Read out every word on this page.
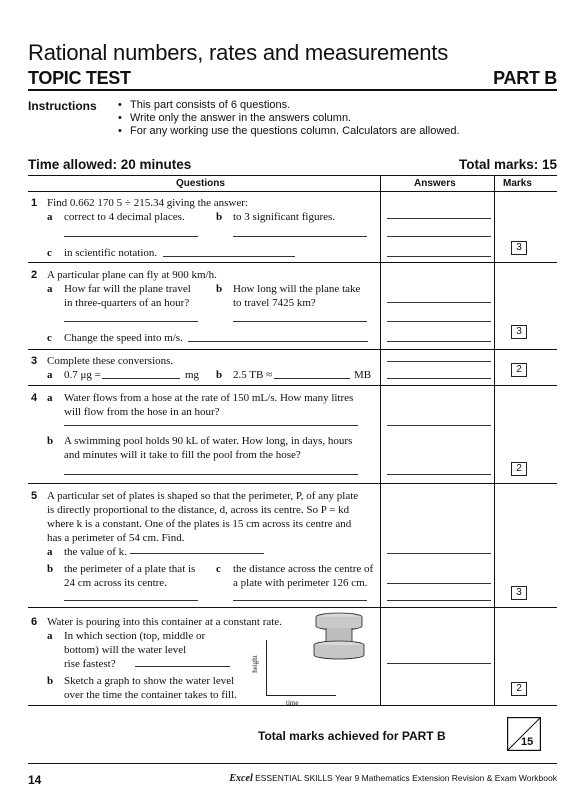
Rational numbers, rates and measurements
TOPIC TEST	PART B
Instructions
•	This part consists of 6 questions.
• Write only the answer in the answers column.
• For any working use the questions column. Calculators are allowed.
Time allowed: 20 minutes	Total marks: 15
Questions	Answers	Marks
1 Find 0.662 170 5 ÷ 215.34 giving the answer:
a correct to 4 decimal places.	b to 3 significant figures.
c in scientific notation.	3
2 A particular plane can fly at 900 km/h.
a How far will the plane travel

in three-quarters of an hour?
b How long will the plane take

to travel 7425 km?
c Change the speed into m/s.
3
3 Complete these conversions.
a 0.7 μg =	mg b 2.5 TB ≈	MB	2
4 a Water flows from a hose at the rate of 150 mL/s. How many litres

will flow from the hose in an hour?
b A swimming pool holds 90 kL of water. How long, in days, hours

and minutes will it take to fill the pool from the hose?
2
5 A particular set of plates is shaped so that the perimeter, P, of any plate

is directly proportional to the distance, d, across its centre. So P = kd

where k is a constant. One of the plates is 15 cm across its centre and

has a perimeter of 54 cm. Find.
a the value of k.
b the perimeter of a plate that is

24 cm across its centre.
c the distance across the centre of

a plate with perimeter 126 cm.
3
6 Water is pouring into this container at a constant rate.
a In which section (top, middle or

bottom) will the water level

rise fastest?
b Sketch a graph to show the water level

over the time the container takes to fill.
height
time
2
Total marks achieved for PART B	15
14	Excel ESSENTIAL SKILLS Year 9 Mathematics Extension Revision & Exam Workbook
